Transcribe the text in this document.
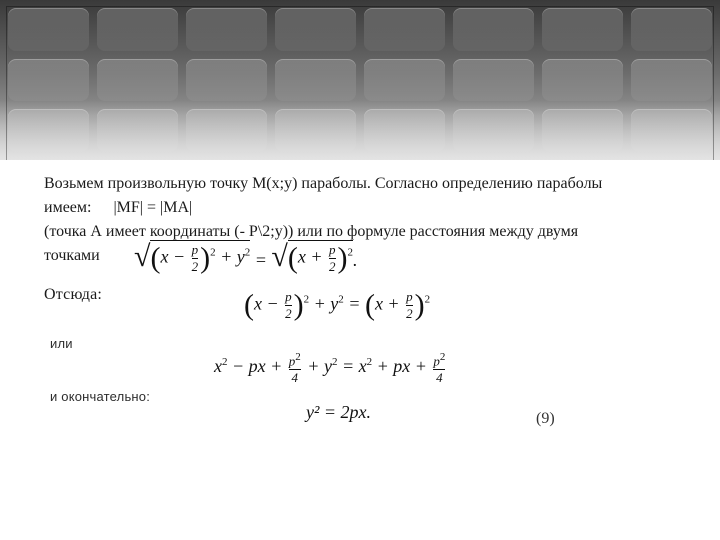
Возьмем произвольную точку M(x;y) параболы. Согласно определению параболы
имеем: |MF| = |MA|
(точка А имеет координаты (- P\2;y)) или по формуле расстояния между двумя
точками	√ $(x - \frac{p}{2} )^2 + y^2$ = √ $(x + \frac{p}{2} )^2$ .
Отсюда:	$(x - \frac{p}{2} )^2 + y^2 = (x + \frac{p}{2} )^2$
или
$x^2$ − px + $\frac{p^2}{4} + y^2 = x^2$ + px + $\frac{p^2}{4}$
и окончательно:
y² = 2px.	(9)
